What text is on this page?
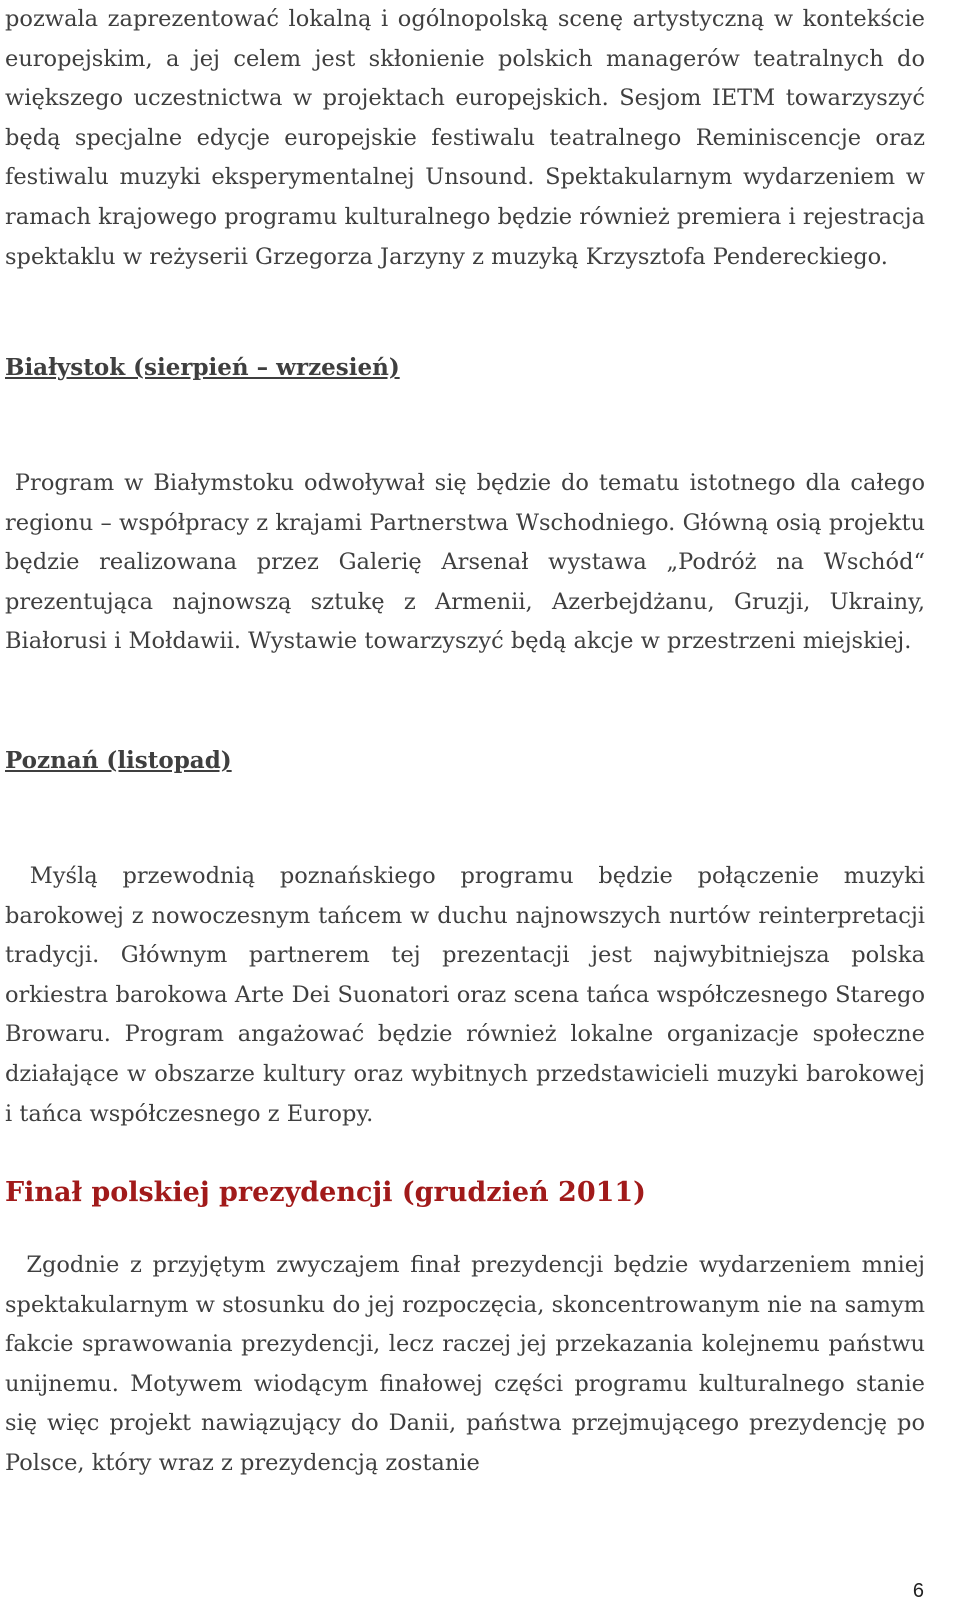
pozwala zaprezentować lokalną i ogólnopolską scenę artystyczną w kontekście europejskim, a jej celem jest skłonienie polskich managerów teatralnych do większego uczestnictwa w projektach europejskich. Sesjom IETM towarzyszyć będą specjalne edycje europejskie festiwalu teatralnego Reminiscencje oraz festiwalu muzyki eksperymentalnej Unsound. Spektakularnym wydarzeniem w ramach krajowego programu kulturalnego będzie również premiera i rejestracja spektaklu w reżyserii Grzegorza Jarzyny z muzyką Krzysztofa Pendereckiego.

Białystok (sierpień – wrzesień)

Program w Białymstoku odwoływał się będzie do tematu istotnego dla całego regionu – współpracy z krajami Partnerstwa Wschodniego. Główną osią projektu będzie realizowana przez Galerię Arsenał wystawa „Podróż na Wschód“ prezentująca najnowszą sztukę z Armenii, Azerbejdżanu, Gruzji, Ukrainy, Białorusi i Mołdawii. Wystawie towarzyszyć będą akcje w przestrzeni miejskiej.

Poznań (listopad)

Myślą przewodnią poznańskiego programu będzie połączenie muzyki barokowej z nowoczesnym tańcem w duchu najnowszych nurtów reinterpretacji tradycji. Głównym partnerem tej prezentacji jest najwybitniejsza polska orkiestra barokowa Arte Dei Suonatori oraz scena tańca współczesnego Starego Browaru. Program angażować będzie również lokalne organizacje społeczne działające w obszarze kultury oraz wybitnych przedstawicieli muzyki barokowej i tańca współczesnego z Europy.

Finał polskiej prezydencji (grudzień 2011)

Zgodnie z przyjętym zwyczajem finał prezydencji będzie wydarzeniem mniej spektakularnym w stosunku do jej rozpoczęcia, skoncentrowanym nie na samym fakcie sprawowania prezydencji, lecz raczej jej przekazania kolejnemu państwu unijnemu. Motywem wiodącym finałowej części programu kulturalnego stanie się więc projekt nawiązujący do Danii, państwa przejmującego prezydencję po Polsce, który wraz z prezydencją zostanie

6
